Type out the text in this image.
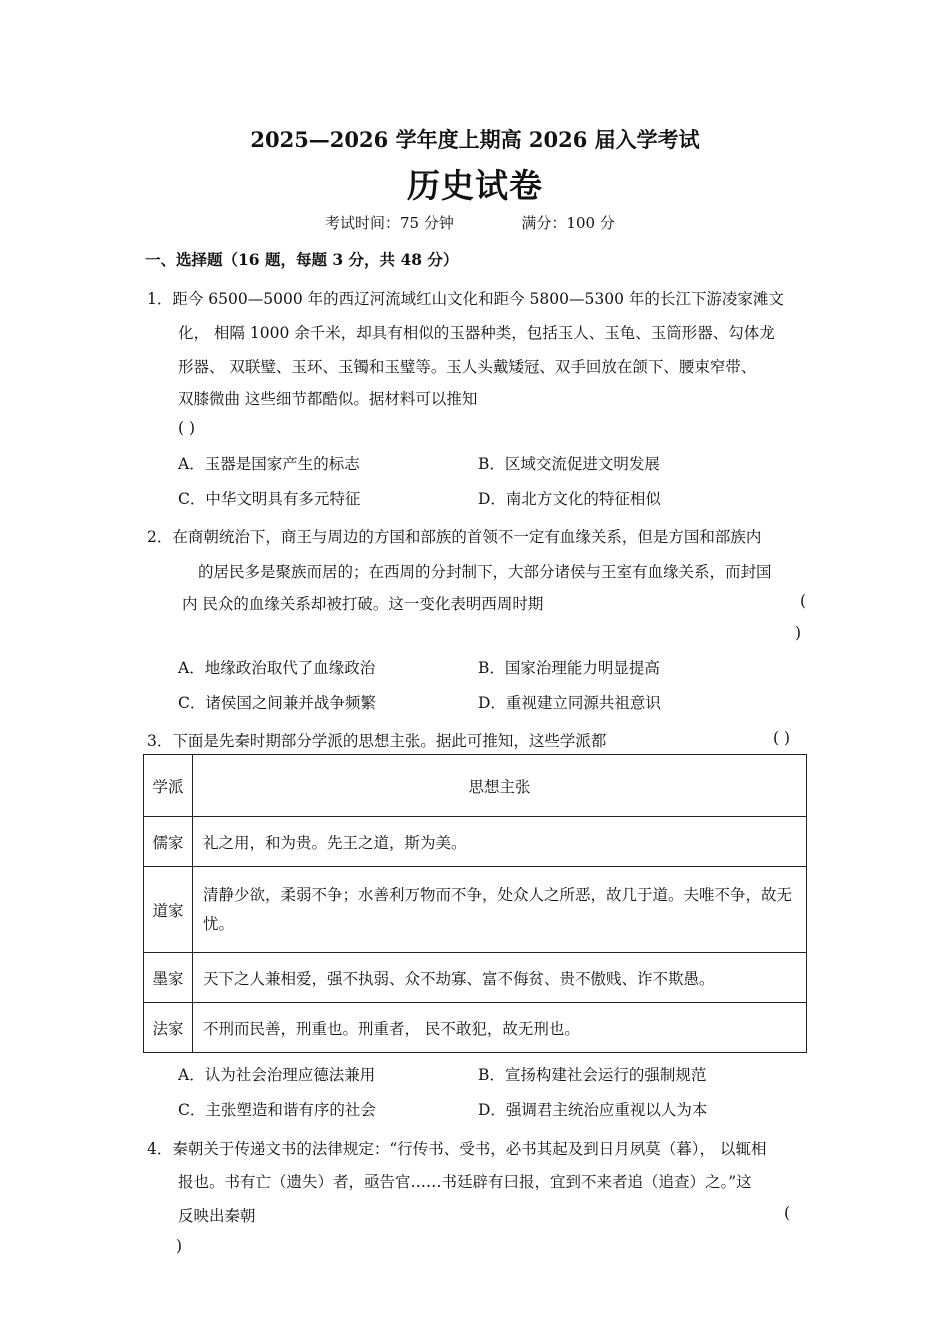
2025—2026 学年度上期高 2026 届入学考试
历史试卷
考试时间：75 分钟	满分：100 分
一、选择题（16 题，每题 3 分，共 48 分）
1．距今 6500—5000 年的西辽河流域红山文化和距今 5800—5300 年的长江下游凌家滩文
化， 相隔 1000 余千米，却具有相似的玉器种类，包括玉人、玉龟、玉筒形器、勾体龙
形器、 双联璧、玉环、玉镯和玉璧等。玉人头戴矮冠、双手回放在颌下、腰束窄带、
双膝微曲 这些细节都酷似。据材料可以推知
( )
A．玉器是国家产生的标志	B．区域交流促进文明发展
C．中华文明具有多元特征	D．南北方文化的特征相似
2．在商朝统治下，商王与周边的方国和部族的首领不一定有血缘关系，但是方国和部族内
的居民多是聚族而居的；在西周的分封制下，大部分诸侯与王室有血缘关系，而封国
内 民众的血缘关系却被打破。这一变化表明西周时期	(
)
A．地缘政治取代了血缘政治	B．国家治理能力明显提高
C．诸侯国之间兼并战争频繁	D．重视建立同源共祖意识
3．下面是先秦时期部分学派的思想主张。据此可推知，这些学派都	( )
学派	思想主张
儒家	礼之用，和为贵。先王之道，斯为美。
道家	清静少欲，柔弱不争；水善利万物而不争，处众人之所恶，故几于道。夫唯不争，故无忧。
墨家	天下之人兼相爱，强不执弱、众不劫寡、富不侮贫、贵不傲贱、诈不欺愚。
法家	不刑而民善，刑重也。刑重者， 民不敢犯，故无刑也。
A．认为社会治理应德法兼用	B．宣扬构建社会运行的强制规范
C．主张塑造和谐有序的社会	D．强调君主统治应重视以人为本
4．秦朝关于传递文书的法律规定：“行传书、受书，必书其起及到日月夙莫（暮）， 以辄相
报也。书有亡（遗失）者，亟告官……书廷辟有曰报，宜到不来者追（追查）之。”这
反映出秦朝	(
)
